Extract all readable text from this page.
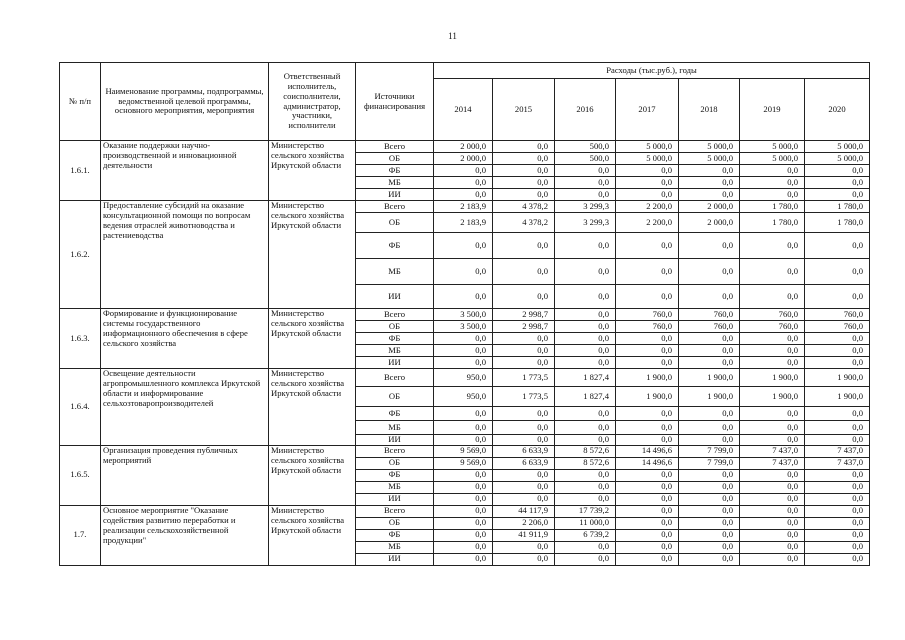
11
№ п/п	Наименование программы, подпрограммы, ведомственной целевой программы, основного мероприятия, мероприятия	Ответственный исполнитель, соисполнители, администратор, участники, исполнители	Источники финансирования	Расходы (тыс.руб.), годы						
				2014	2015	2016	2017	2018	2019	2020
1.6.1.	Оказание поддержки научно-производственной и инновационной деятельности	Министерство сельского хозяйства Иркутской области	Всего	2 000,0	0,0	500,0	5 000,0	5 000,0	5 000,0	5 000,0
			ОБ	2 000,0	0,0	500,0	5 000,0	5 000,0	5 000,0	5 000,0
			ФБ	0,0	0,0	0,0	0,0	0,0	0,0	0,0
			МБ	0,0	0,0	0,0	0,0	0,0	0,0	0,0
			ИИ	0,0	0,0	0,0	0,0	0,0	0,0	0,0
1.6.2.	Предоставление субсидий на оказание консультационной помощи по вопросам ведения отраслей животноводства и растениеводства	Министерство сельского хозяйства Иркутской области	Всего	2 183,9	4 378,2	3 299,3	2 200,0	2 000,0	1 780,0	1 780,0
			ОБ	2 183,9	4 378,2	3 299,3	2 200,0	2 000,0	1 780,0	1 780,0
			ФБ	0,0	0,0	0,0	0,0	0,0	0,0	0,0
			МБ	0,0	0,0	0,0	0,0	0,0	0,0	0,0
			ИИ	0,0	0,0	0,0	0,0	0,0	0,0	0,0
1.6.3.	Формирование и функционирование системы государственного информационного обеспечения в сфере сельского хозяйства	Министерство сельского хозяйства Иркутской области	Всего	3 500,0	2 998,7	0,0	760,0	760,0	760,0	760,0
			ОБ	3 500,0	2 998,7	0,0	760,0	760,0	760,0	760,0
			ФБ	0,0	0,0	0,0	0,0	0,0	0,0	0,0
			МБ	0,0	0,0	0,0	0,0	0,0	0,0	0,0
			ИИ	0,0	0,0	0,0	0,0	0,0	0,0	0,0
1.6.4.	Освещение деятельности агропромышленного комплекса Иркутской области и информирование сельхозтоваропроизводителей	Министерство сельского хозяйства Иркутской области	Всего	950,0	1 773,5	1 827,4	1 900,0	1 900,0	1 900,0	1 900,0
			ОБ	950,0	1 773,5	1 827,4	1 900,0	1 900,0	1 900,0	1 900,0
			ФБ	0,0	0,0	0,0	0,0	0,0	0,0	0,0
			МБ	0,0	0,0	0,0	0,0	0,0	0,0	0,0
			ИИ	0,0	0,0	0,0	0,0	0,0	0,0	0,0
1.6.5.	Организация проведения публичных мероприятий	Министерство сельского хозяйства Иркутской области	Всего	9 569,0	6 633,9	8 572,6	14 496,6	7 799,0	7 437,0	7 437,0
			ОБ	9 569,0	6 633,9	8 572,6	14 496,6	7 799,0	7 437,0	7 437,0
			ФБ	0,0	0,0	0,0	0,0	0,0	0,0	0,0
			МБ	0,0	0,0	0,0	0,0	0,0	0,0	0,0
			ИИ	0,0	0,0	0,0	0,0	0,0	0,0	0,0
1.7.	Основное мероприятие "Оказание содействия развитию переработки и реализации сельскохозяйственной продукции"	Министерство сельского хозяйства Иркутской области	Всего	0,0	44 117,9	17 739,2	0,0	0,0	0,0	0,0
			ОБ	0,0	2 206,0	11 000,0	0,0	0,0	0,0	0,0
			ФБ	0,0	41 911,9	6 739,2	0,0	0,0	0,0	0,0
			МБ	0,0	0,0	0,0	0,0	0,0	0,0	0,0
			ИИ	0,0	0,0	0,0	0,0	0,0	0,0	0,0
